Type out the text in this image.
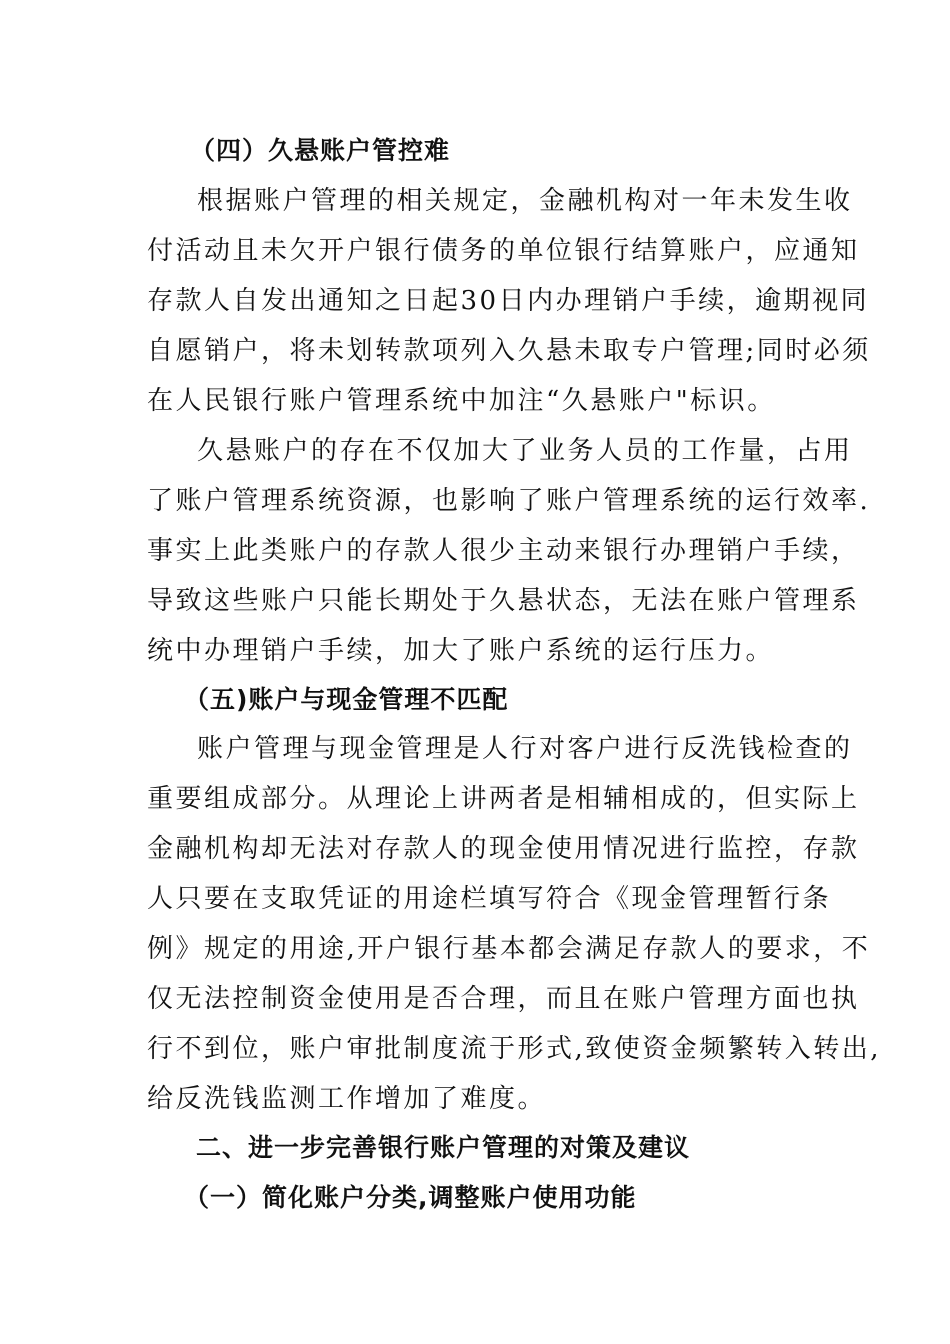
（四）久悬账户管控难
根据账户管理的相关规定，金融机构对一年未发生收
付活动且未欠开户银行债务的单位银行结算账户，应通知
存款人自发出通知之日起30日内办理销户手续，逾期视同
自愿销户，将未划转款项列入久悬未取专户管理;同时必须
在人民银行账户管理系统中加注“久悬账户"标识。
久悬账户的存在不仅加大了业务人员的工作量，占用
了账户管理系统资源，也影响了账户管理系统的运行效率.
事实上此类账户的存款人很少主动来银行办理销户手续，
导致这些账户只能长期处于久悬状态，无法在账户管理系
统中办理销户手续，加大了账户系统的运行压力。
（五)账户与现金管理不匹配
账户管理与现金管理是人行对客户进行反洗钱检查的
重要组成部分。从理论上讲两者是相辅相成的，但实际上
金融机构却无法对存款人的现金使用情况进行监控，存款
人只要在支取凭证的用途栏填写符合《现金管理暂行条
例》规定的用途,开户银行基本都会满足存款人的要求，不
仅无法控制资金使用是否合理，而且在账户管理方面也执
行不到位，账户审批制度流于形式,致使资金频繁转入转出,
给反洗钱监测工作增加了难度。
二、进一步完善银行账户管理的对策及建议
（一）简化账户分类,调整账户使用功能
